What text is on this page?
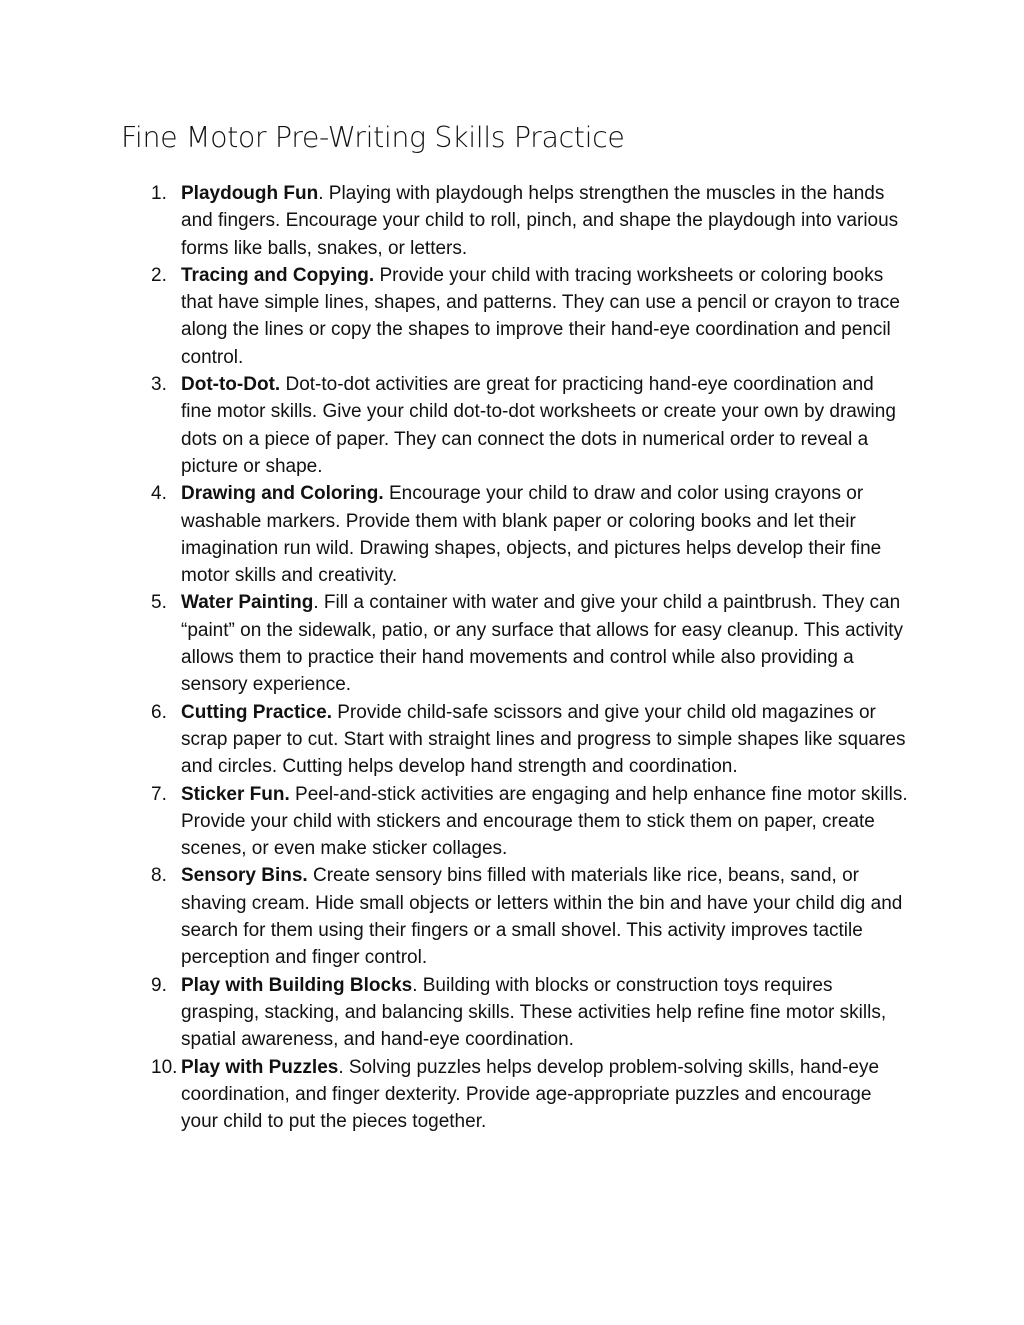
Fine Motor Pre-Writing Skills Practice
1. Playdough Fun. Playing with playdough helps strengthen the muscles in the hands and fingers. Encourage your child to roll, pinch, and shape the playdough into various forms like balls, snakes, or letters.
2. Tracing and Copying. Provide your child with tracing worksheets or coloring books that have simple lines, shapes, and patterns. They can use a pencil or crayon to trace along the lines or copy the shapes to improve their hand-eye coordination and pencil control.
3. Dot-to-Dot. Dot-to-dot activities are great for practicing hand-eye coordination and fine motor skills. Give your child dot-to-dot worksheets or create your own by drawing dots on a piece of paper. They can connect the dots in numerical order to reveal a picture or shape.
4. Drawing and Coloring. Encourage your child to draw and color using crayons or washable markers. Provide them with blank paper or coloring books and let their imagination run wild. Drawing shapes, objects, and pictures helps develop their fine motor skills and creativity.
5. Water Painting. Fill a container with water and give your child a paintbrush. They can “paint” on the sidewalk, patio, or any surface that allows for easy cleanup. This activity allows them to practice their hand movements and control while also providing a sensory experience.
6. Cutting Practice. Provide child-safe scissors and give your child old magazines or scrap paper to cut. Start with straight lines and progress to simple shapes like squares and circles. Cutting helps develop hand strength and coordination.
7. Sticker Fun. Peel-and-stick activities are engaging and help enhance fine motor skills. Provide your child with stickers and encourage them to stick them on paper, create scenes, or even make sticker collages.
8. Sensory Bins. Create sensory bins filled with materials like rice, beans, sand, or shaving cream. Hide small objects or letters within the bin and have your child dig and search for them using their fingers or a small shovel. This activity improves tactile perception and finger control.
9. Play with Building Blocks. Building with blocks or construction toys requires grasping, stacking, and balancing skills. These activities help refine fine motor skills, spatial awareness, and hand-eye coordination.
10. Play with Puzzles. Solving puzzles helps develop problem-solving skills, hand-eye coordination, and finger dexterity. Provide age-appropriate puzzles and encourage your child to put the pieces together.
